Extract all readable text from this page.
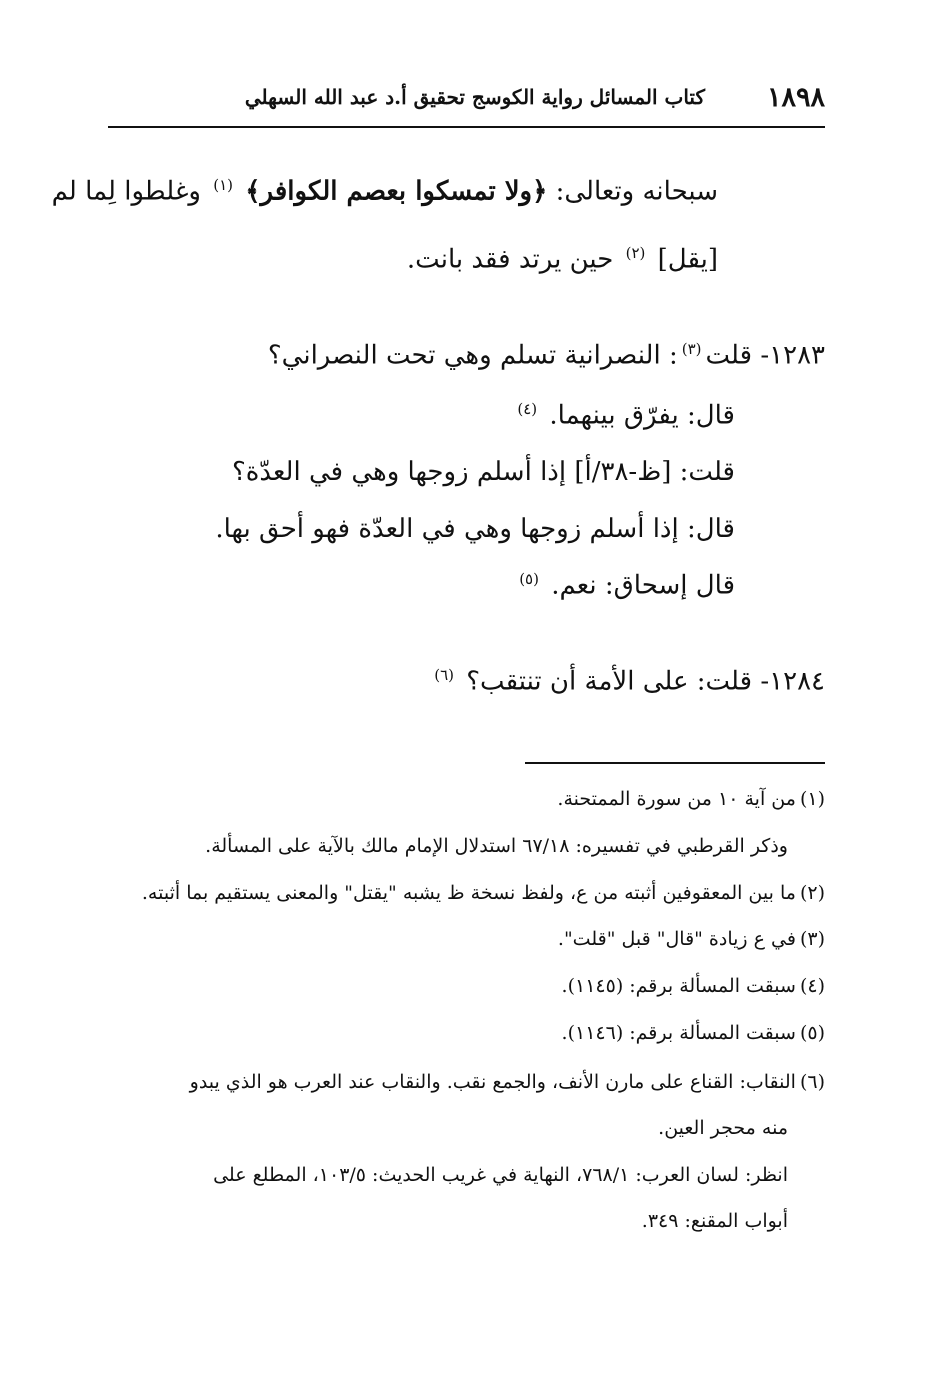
١٨٩٨
كتاب المسائل رواية الكوسج تحقيق أ.د عبد الله السهلي
سبحانه وتعالى: ﴿ولا تمسكوا بعصم الكوافر﴾ $^{(١)}$ وغلطوا لِما لم
[يقل] $^{(٢)}$ حين يرتد فقد بانت.
١٢٨٣- قلت$^{(٣)}$: النصرانية تسلم وهي تحت النصراني؟
قال: يفرّق بينهما. $^{(٤)}$
قلت: [ظ-٣٨/أ] إذا أسلم زوجها وهي في العدّة؟
قال: إذا أسلم زوجها وهي في العدّة فهو أحق بها.
قال إسحاق: نعم. $^{(٥)}$
١٢٨٤- قلت: على الأمة أن تنتقب؟ $^{(٦)}$
(١)من آية ١٠ من سورة الممتحنة.
وذكر القرطبي في تفسيره: ٦٧/١٨ استدلال الإمام مالك بالآية على المسألة.
(٢)ما بين المعقوفين أثبته من ع، ولفظ نسخة ظ يشبه "يقتل" والمعنى يستقيم بما أثبته.
(٣)في ع زيادة "قال" قبل "قلت".
(٤)سبقت المسألة برقم: (١١٤٥).
(٥)سبقت المسألة برقم: (١١٤٦).
(٦)النقاب: القناع على مارن الأنف، والجمع نقب. والنقاب عند العرب هو الذي يبدو
منه محجر العين.
انظر: لسان العرب: ٧٦٨/١، النهاية في غريب الحديث: ١٠٣/٥، المطلع على
أبواب المقنع: ٣٤٩.
